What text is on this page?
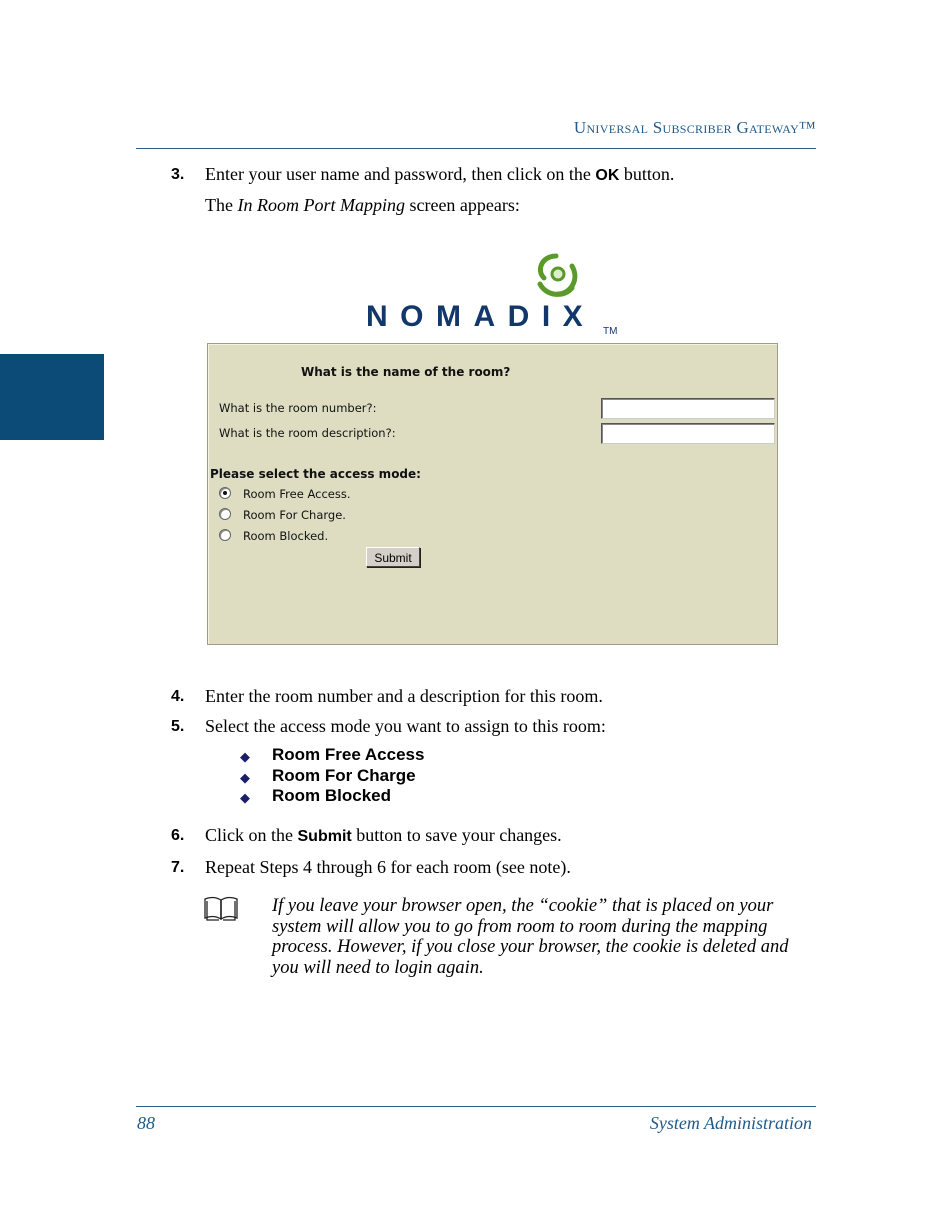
Universal Subscriber Gateway™
3. Enter your user name and password, then click on the OK button.
The In Room Port Mapping screen appears:
NOMADIX TM
What is the name of the room?
What is the room number?:
What is the room description?:
Please select the access mode:
Room Free Access.
Room For Charge.
Room Blocked.
Submit
4. Enter the room number and a description for this room.
5. Select the access mode you want to assign to this room:
◆ Room Free Access
◆ Room For Charge
◆ Room Blocked
6. Click on the Submit button to save your changes.
7. Repeat Steps 4 through 6 for each room (see note).
If you leave your browser open, the “cookie” that is placed on your system will allow you to go from room to room during the mapping process. However, if you close your browser, the cookie is deleted and you will need to login again.
88	System Administration
